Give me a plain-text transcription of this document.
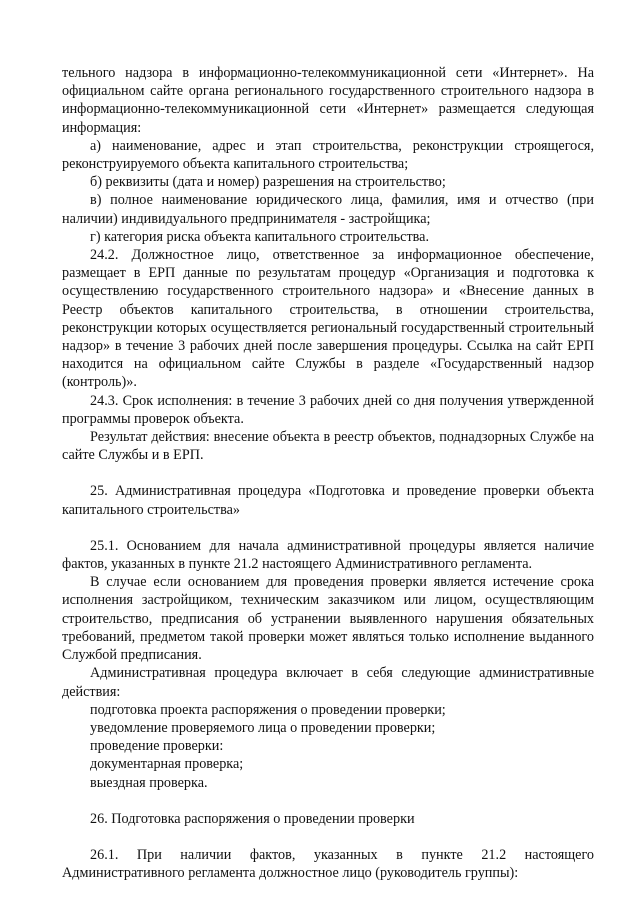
тельного надзора в информационно-телекоммуникационной сети «Интернет». На официальном сайте органа регионального государственного строительного надзора в информационно-телекоммуникационной сети «Интернет» размещается следующая информация:

а) наименование, адрес и этап строительства, реконструкции строящегося, реконструируемого объекта капитального строительства;

б) реквизиты (дата и номер) разрешения на строительство;

в) полное наименование юридического лица, фамилия, имя и отчество (при наличии) индивидуального предпринимателя - застройщика;

г) категория риска объекта капитального строительства.

24.2. Должностное лицо, ответственное за информационное обеспечение, размещает в ЕРП данные по результатам процедур «Организация и подготовка к осуществлению государственного строительного надзора» и «Внесение данных в Реестр объектов капитального строительства, в отношении строительства, реконструкции которых осуществляется региональный государственный строительный надзор» в течение 3 рабочих дней после завершения процедуры. Ссылка на сайт ЕРП находится на официальном сайте Службы в разделе «Государственный надзор (контроль)».

24.3. Срок исполнения: в течение 3 рабочих дней со дня получения утвержденной программы проверок объекта.

Результат действия: внесение объекта в реестр объектов, поднадзорных Службе на сайте Службы и в ЕРП.

25. Административная процедура «Подготовка и проведение проверки объекта капитального строительства»

25.1. Основанием для начала административной процедуры является наличие фактов, указанных в пункте 21.2 настоящего Административного регламента.

В случае если основанием для проведения проверки является истечение срока исполнения застройщиком, техническим заказчиком или лицом, осуществляющим строительство, предписания об устранении выявленного нарушения обязательных требований, предметом такой проверки может являться только исполнение выданного Службой предписания.

Административная процедура включает в себя следующие административные действия:

подготовка проекта распоряжения о проведении проверки;

уведомление проверяемого лица о проведении проверки;

проведение проверки:

документарная проверка;

выездная проверка.

26. Подготовка распоряжения о проведении проверки

26.1. При наличии фактов, указанных в пункте 21.2 настоящего Административного регламента должностное лицо (руководитель группы):
